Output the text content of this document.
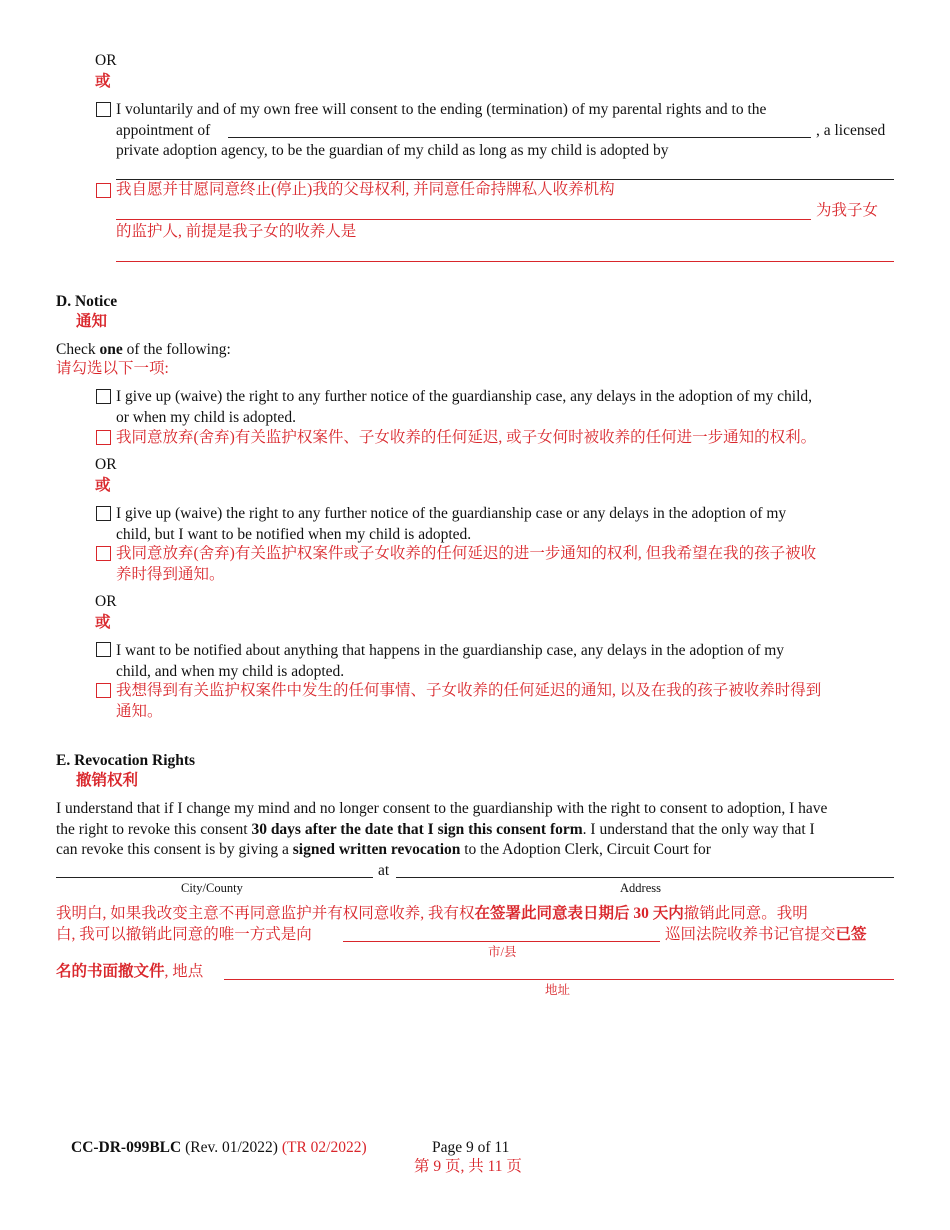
OR
或
I voluntarily and of my own free will consent to the ending (termination) of my parental rights and to the
appointment of	, a licensed
private adoption agency, to be the guardian of my child as long as my child is adopted by
我自愿并甘愿同意终止(停止)我的父母权利, 并同意任命持牌私人收养机构
为我子女
的监护人, 前提是我子女的收养人是
D. Notice
通知
Check one of the following:
请勾选以下一项:
I give up (waive) the right to any further notice of the guardianship case, any delays in the adoption of my child,
or when my child is adopted.
我同意放弃(舍弃)有关监护权案件、子女收养的任何延迟, 或子女何时被收养的任何进一步通知的权利。
OR
或
I give up (waive) the right to any further notice of the guardianship case or any delays in the adoption of my
child, but I want to be notified when my child is adopted.
我同意放弃(舍弃)有关监护权案件或子女收养的任何延迟的进一步通知的权利, 但我希望在我的孩子被收
养时得到通知。
OR
或
I want to be notified about anything that happens in the guardianship case, any delays in the adoption of my
child, and when my child is adopted.
我想得到有关监护权案件中发生的任何事情、子女收养的任何延迟的通知, 以及在我的孩子被收养时得到
通知。
E. Revocation Rights
撤销权利
I understand that if I change my mind and no longer consent to the guardianship with the right to consent to adoption, I have
the right to revoke this consent 30 days after the date that I sign this consent form. I understand that the only way that I
can revoke this consent is by giving a signed written revocation to the Adoption Clerk, Circuit Court for
at
City/County	Address
我明白, 如果我改变主意不再同意监护并有权同意收养, 我有权在签署此同意表日期后 30 天内撤销此同意。我明
白, 我可以撤销此同意的唯一方式是向	巡回法院收养书记官提交已签
市/县
名的书面撤文件, 地点
地址
CC-DR-099BLC (Rev. 01/2022) (TR 02/2022)	Page 9 of 11
第 9 页, 共 11 页
